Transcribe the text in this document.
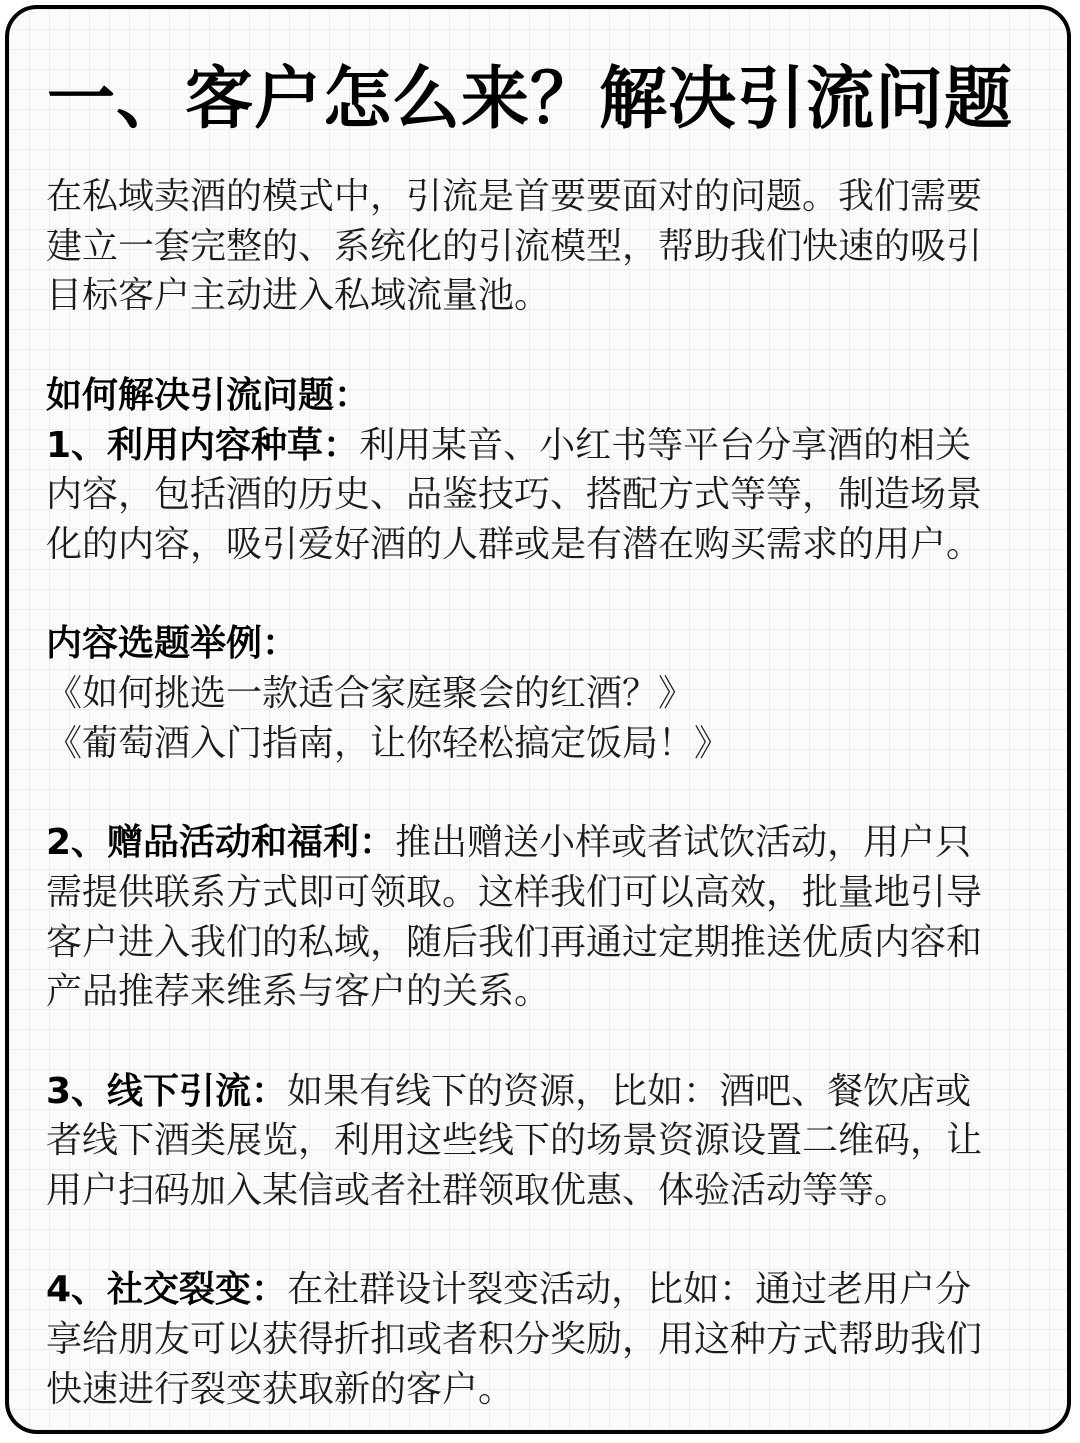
一、客户怎么来？解决引流问题

在私域卖酒的模式中，引流是首要要面对的问题。我们需要

建立一套完整的、系统化的引流模型，帮助我们快速的吸引

目标客户主动进入私域流量池。

如何解决引流问题：

1、利用内容种草：利用某音、小红书等平台分享酒的相关

内容，包括酒的历史、品鉴技巧、搭配方式等等，制造场景

化的内容，吸引爱好酒的人群或是有潜在购买需求的用户。

内容选题举例：

《如何挑选一款适合家庭聚会的红酒？》

《葡萄酒入门指南，让你轻松搞定饭局！》

2、赠品活动和福利：推出赠送小样或者试饮活动，用户只

需提供联系方式即可领取。这样我们可以高效，批量地引导

客户进入我们的私域，随后我们再通过定期推送优质内容和

产品推荐来维系与客户的关系。

3、线下引流：如果有线下的资源，比如：酒吧、餐饮店或

者线下酒类展览，利用这些线下的场景资源设置二维码，让

用户扫码加入某信或者社群领取优惠、体验活动等等。

4、社交裂变：在社群设计裂变活动，比如：通过老用户分

享给朋友可以获得折扣或者积分奖励，用这种方式帮助我们

快速进行裂变获取新的客户。
